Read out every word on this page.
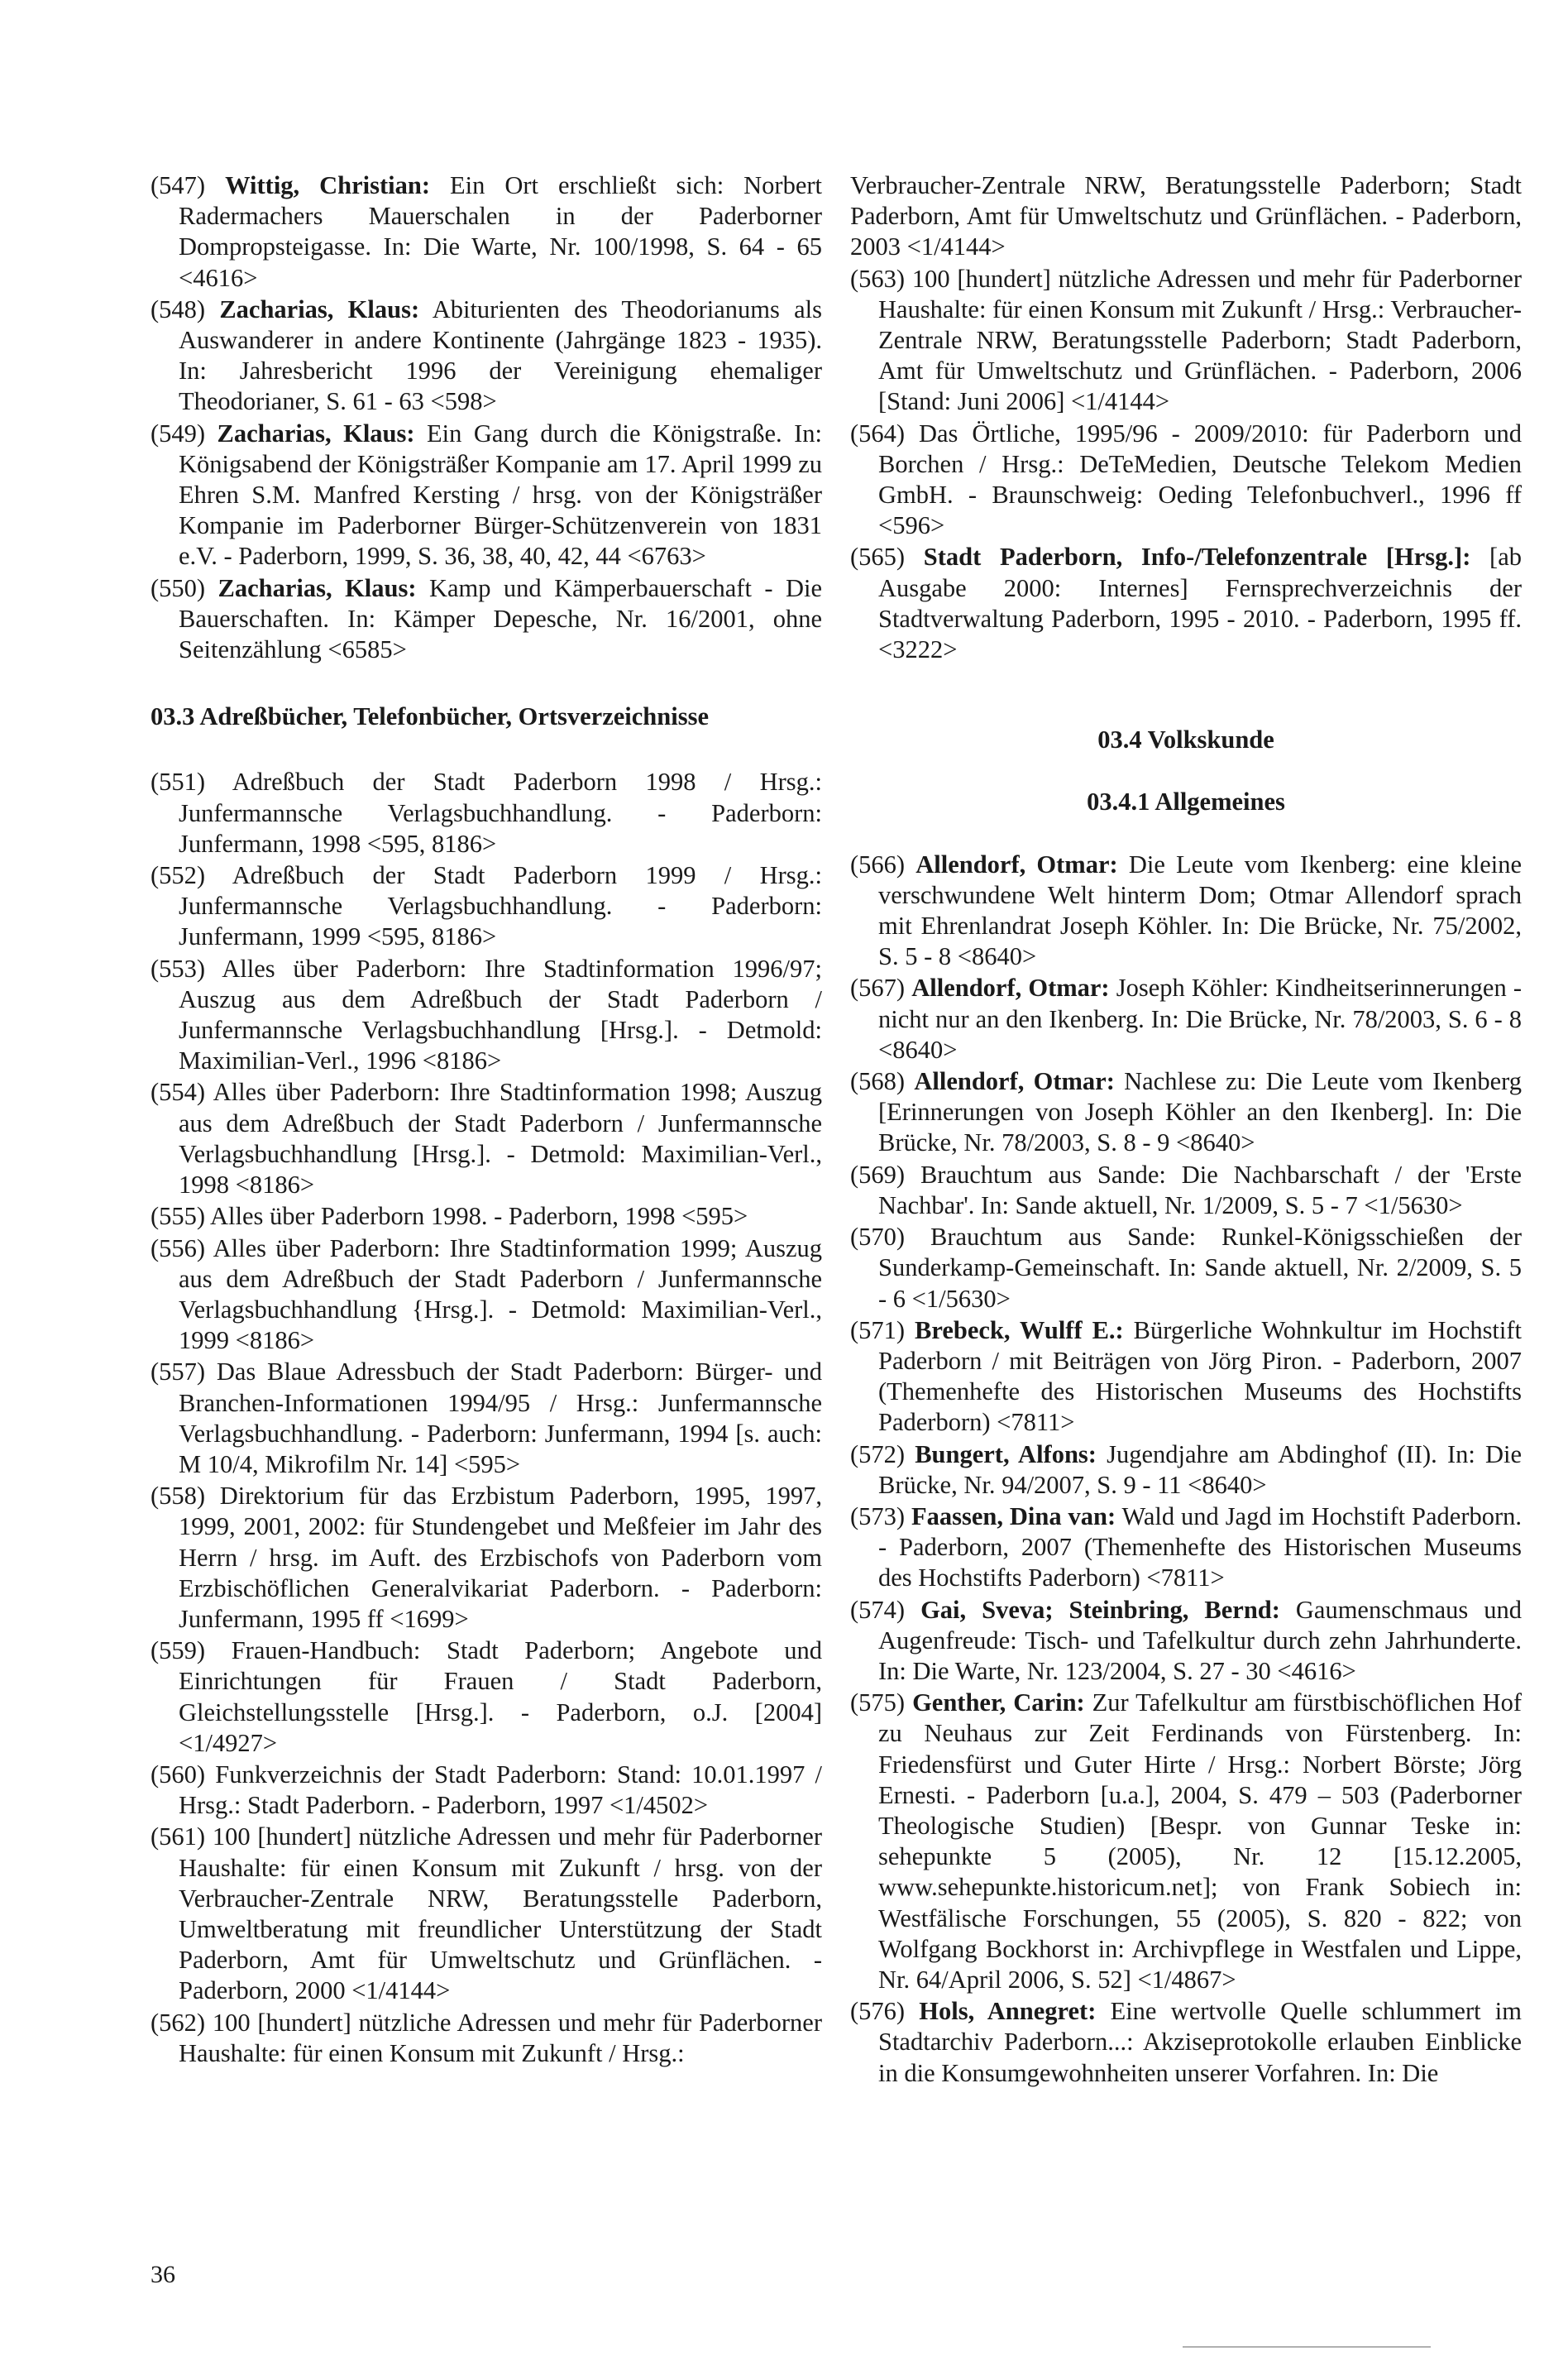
(547) Wittig, Christian: Ein Ort erschließt sich: Norbert Radermachers Mauerschalen in der Paderborner Dompropsteigasse. In: Die Warte, Nr. 100/1998, S. 64 - 65 <4616>
(548) Zacharias, Klaus: Abiturienten des Theodorianums als Auswanderer in andere Kontinente (Jahrgänge 1823 - 1935). In: Jahresbericht 1996 der Vereinigung ehemaliger Theodorianer, S. 61 - 63 <598>
(549) Zacharias, Klaus: Ein Gang durch die Königstraße. In: Königsabend der Königsträßer Kompanie am 17. April 1999 zu Ehren S.M. Manfred Kersting / hrsg. von der Königsträßer Kompanie im Paderborner Bürger-Schützenverein von 1831 e.V. - Paderborn, 1999, S. 36, 38, 40, 42, 44 <6763>
(550) Zacharias, Klaus: Kamp und Kämperbauerschaft - Die Bauerschaften. In: Kämper Depesche, Nr. 16/2001, ohne Seitenzählung <6585>
03.3 Adreßbücher, Telefonbücher, Ortsverzeichnisse
(551) Adreßbuch der Stadt Paderborn 1998 / Hrsg.: Junfermannsche Verlagsbuchhandlung. - Paderborn: Junfermann, 1998 <595, 8186>
(552) Adreßbuch der Stadt Paderborn 1999 / Hrsg.: Junfermannsche Verlagsbuchhandlung. - Paderborn: Junfermann, 1999 <595, 8186>
(553) Alles über Paderborn: Ihre Stadtinformation 1996/97; Auszug aus dem Adreßbuch der Stadt Paderborn / Junfermannsche Verlagsbuchhandlung [Hrsg.]. - Detmold: Maximilian-Verl., 1996 <8186>
(554) Alles über Paderborn: Ihre Stadtinformation 1998; Auszug aus dem Adreßbuch der Stadt Paderborn / Junfermannsche Verlagsbuchhandlung [Hrsg.]. - Detmold: Maximilian-Verl., 1998 <8186>
(555) Alles über Paderborn 1998. - Paderborn, 1998 <595>
(556) Alles über Paderborn: Ihre Stadtinformation 1999; Auszug aus dem Adreßbuch der Stadt Paderborn / Junfermannsche Verlagsbuchhandlung {Hrsg.]. - Detmold: Maximilian-Verl., 1999 <8186>
(557) Das Blaue Adressbuch der Stadt Paderborn: Bürger- und Branchen-Informationen 1994/95 / Hrsg.: Junfermannsche Verlagsbuchhandlung. - Paderborn: Junfermann, 1994 [s. auch: M 10/4, Mikrofilm Nr. 14] <595>
(558) Direktorium für das Erzbistum Paderborn, 1995, 1997, 1999, 2001, 2002: für Stundengebet und Meßfeier im Jahr des Herrn / hrsg. im Auft. des Erzbischofs von Paderborn vom Erzbischöflichen Generalvikariat Paderborn. - Paderborn: Junfermann, 1995 ff <1699>
(559) Frauen-Handbuch: Stadt Paderborn; Angebote und Einrichtungen für Frauen / Stadt Paderborn, Gleichstellungsstelle [Hrsg.]. - Paderborn, o.J. [2004] <1/4927>
(560) Funkverzeichnis der Stadt Paderborn: Stand: 10.01.1997 / Hrsg.: Stadt Paderborn. - Paderborn, 1997 <1/4502>
(561) 100 [hundert] nützliche Adressen und mehr für Paderborner Haushalte: für einen Konsum mit Zukunft / hrsg. von der Verbraucher-Zentrale NRW, Beratungsstelle Paderborn, Umweltberatung mit freundlicher Unterstützung der Stadt Paderborn, Amt für Umweltschutz und Grünflächen. - Paderborn, 2000 <1/4144>
(562) 100 [hundert] nützliche Adressen und mehr für Paderborner Haushalte: für einen Konsum mit Zukunft / Hrsg.:
Verbraucher-Zentrale NRW, Beratungsstelle Paderborn; Stadt Paderborn, Amt für Umweltschutz und Grünflächen. - Paderborn, 2003 <1/4144>
(563) 100 [hundert] nützliche Adressen und mehr für Paderborner Haushalte: für einen Konsum mit Zukunft / Hrsg.: Verbraucher-Zentrale NRW, Beratungsstelle Paderborn; Stadt Paderborn, Amt für Umweltschutz und Grünflächen. - Paderborn, 2006 [Stand: Juni 2006] <1/4144>
(564) Das Örtliche, 1995/96 - 2009/2010: für Paderborn und Borchen / Hrsg.: DeTeMedien, Deutsche Telekom Medien GmbH. - Braunschweig: Oeding Telefonbuchverl., 1996 ff <596>
(565) Stadt Paderborn, Info-/Telefonzentrale [Hrsg.]: [ab Ausgabe 2000: Internes] Fernsprechverzeichnis der Stadtverwaltung Paderborn, 1995 - 2010. - Paderborn, 1995 ff. <3222>
03.4 Volkskunde
03.4.1 Allgemeines
(566) Allendorf, Otmar: Die Leute vom Ikenberg: eine kleine verschwundene Welt hinterm Dom; Otmar Allendorf sprach mit Ehrenlandrat Joseph Köhler. In: Die Brücke, Nr. 75/2002, S. 5 - 8 <8640>
(567) Allendorf, Otmar: Joseph Köhler: Kindheitserinnerungen - nicht nur an den Ikenberg. In: Die Brücke, Nr. 78/2003, S. 6 - 8 <8640>
(568) Allendorf, Otmar: Nachlese zu: Die Leute vom Ikenberg [Erinnerungen von Joseph Köhler an den Ikenberg]. In: Die Brücke, Nr. 78/2003, S. 8 - 9 <8640>
(569) Brauchtum aus Sande: Die Nachbarschaft / der 'Erste Nachbar'. In: Sande aktuell, Nr. 1/2009, S. 5 - 7 <1/5630>
(570) Brauchtum aus Sande: Runkel-Königsschießen der Sunderkamp-Gemeinschaft. In: Sande aktuell, Nr. 2/2009, S. 5 - 6 <1/5630>
(571) Brebeck, Wulff E.: Bürgerliche Wohnkultur im Hochstift Paderborn / mit Beiträgen von Jörg Piron. - Paderborn, 2007 (Themenhefte des Historischen Museums des Hochstifts Paderborn) <7811>
(572) Bungert, Alfons: Jugendjahre am Abdinghof (II). In: Die Brücke, Nr. 94/2007, S. 9 - 11 <8640>
(573) Faassen, Dina van: Wald und Jagd im Hochstift Paderborn. - Paderborn, 2007 (Themenhefte des Historischen Museums des Hochstifts Paderborn) <7811>
(574) Gai, Sveva; Steinbring, Bernd: Gaumenschmaus und Augenfreude: Tisch- und Tafelkultur durch zehn Jahrhunderte. In: Die Warte, Nr. 123/2004, S. 27 - 30 <4616>
(575) Genther, Carin: Zur Tafelkultur am fürstbischöflichen Hof zu Neuhaus zur Zeit Ferdinands von Fürstenberg. In: Friedensfürst und Guter Hirte / Hrsg.: Norbert Börste; Jörg Ernesti. - Paderborn [u.a.], 2004, S. 479 – 503 (Paderborner Theologische Studien) [Bespr. von Gunnar Teske in: sehepunkte 5 (2005), Nr. 12 [15.12.2005, www.sehepunkte.historicum.net]; von Frank Sobiech in: Westfälische Forschungen, 55 (2005), S. 820 - 822; von Wolfgang Bockhorst in: Archivpflege in Westfalen und Lippe, Nr. 64/April 2006, S. 52] <1/4867>
(576) Hols, Annegret: Eine wertvolle Quelle schlummert im Stadtarchiv Paderborn...: Akziseprotokolle erlauben Einblicke in die Konsumgewohnheiten unserer Vorfahren. In: Die
36
